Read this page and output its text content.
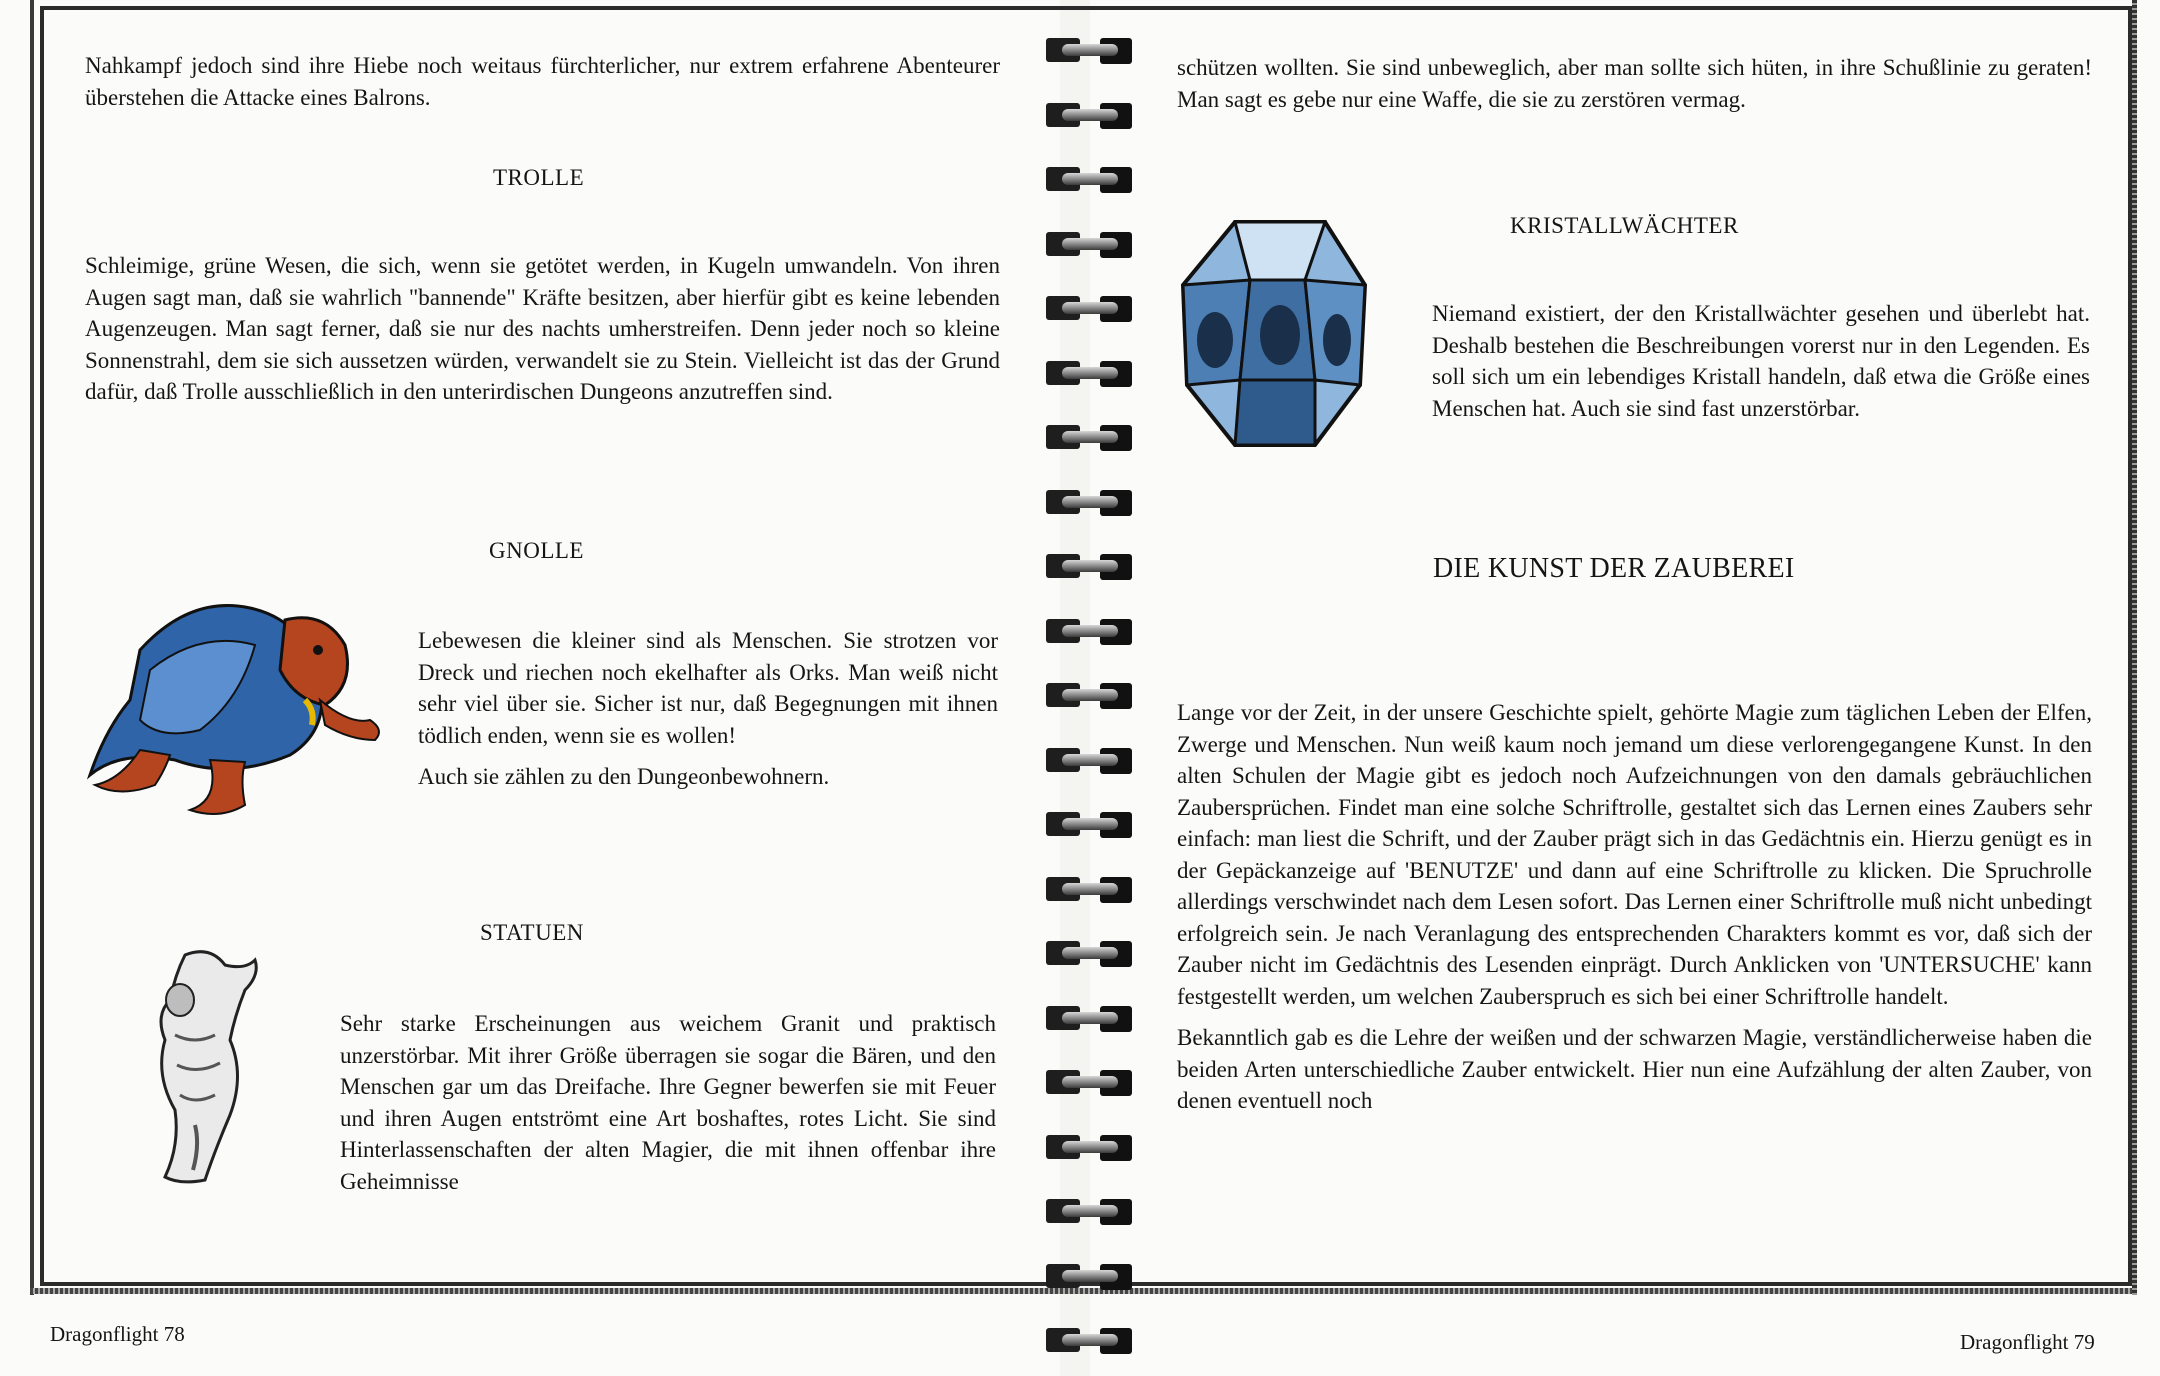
Nahkampf jedoch sind ihre Hiebe noch weitaus fürchterlicher, nur extrem erfahrene Abenteurer überstehen die Attacke eines Balrons.

TROLLE

Schleimige, grüne Wesen, die sich, wenn sie getötet werden, in Kugeln umwandeln. Von ihren Augen sagt man, daß sie wahrlich "bannende" Kräfte besitzen, aber hierfür gibt es keine lebenden Augenzeugen. Man sagt ferner, daß sie nur des nachts umherstreifen. Denn jeder noch so kleine Sonnenstrahl, dem sie sich aussetzen würden, verwandelt sie zu Stein. Vielleicht ist das der Grund dafür, daß Trolle ausschließlich in den unterirdischen Dungeons anzutreffen sind.

GNOLLE

Lebewesen die kleiner sind als Menschen. Sie strotzen vor Dreck und riechen noch ekelhafter als Orks. Man weiß nicht sehr viel über sie. Sicher ist nur, daß Begegnungen mit ihnen tödlich enden, wenn sie es wollen!

Auch sie zählen zu den Dungeonbewohnern.

STATUEN

Sehr starke Erscheinungen aus weichem Granit und praktisch unzerstörbar. Mit ihrer Größe überragen sie sogar die Bären, und den Menschen gar um das Dreifache. Ihre Gegner bewerfen sie mit Feuer und ihren Augen entströmt eine Art boshaftes, rotes Licht. Sie sind Hinterlassenschaften der alten Magier, die mit ihnen offenbar ihre Geheimnisse

Dragonflight 78

schützen wollten. Sie sind unbeweglich, aber man sollte sich hüten, in ihre Schußlinie zu geraten! Man sagt es gebe nur eine Waffe, die sie zu zerstören vermag.

KRISTALLWÄCHTER

Niemand existiert, der den Kristallwächter gesehen und überlebt hat. Deshalb bestehen die Beschreibungen vorerst nur in den Legenden. Es soll sich um ein lebendiges Kristall handeln, daß etwa die Größe eines Menschen hat. Auch sie sind fast unzerstörbar.

DIE KUNST DER ZAUBEREI

Lange vor der Zeit, in der unsere Geschichte spielt, gehörte Magie zum täglichen Leben der Elfen, Zwerge und Menschen. Nun weiß kaum noch jemand um diese verlorengegangene Kunst. In den alten Schulen der Magie gibt es jedoch noch Aufzeichnungen von den damals gebräuchlichen Zaubersprüchen. Findet man eine solche Schriftrolle, gestaltet sich das Lernen eines Zaubers sehr einfach: man liest die Schrift, und der Zauber prägt sich in das Gedächtnis ein. Hierzu genügt es in der Gepäckanzeige auf 'BENUTZE' und dann auf eine Schriftrolle zu klicken. Die Spruchrolle allerdings verschwindet nach dem Lesen sofort. Das Lernen einer Schriftrolle muß nicht unbedingt erfolgreich sein. Je nach Veranlagung des entsprechenden Charakters kommt es vor, daß sich der Zauber nicht im Gedächtnis des Lesenden einprägt. Durch Anklicken von 'UNTERSUCHE' kann festgestellt werden, um welchen Zauberspruch es sich bei einer Schriftrolle handelt.

Bekanntlich gab es die Lehre der weißen und der schwarzen Magie, verständlicherweise haben die beiden Arten unterschiedliche Zauber entwickelt. Hier nun eine Aufzählung der alten Zauber, von denen eventuell noch

Dragonflight 79
